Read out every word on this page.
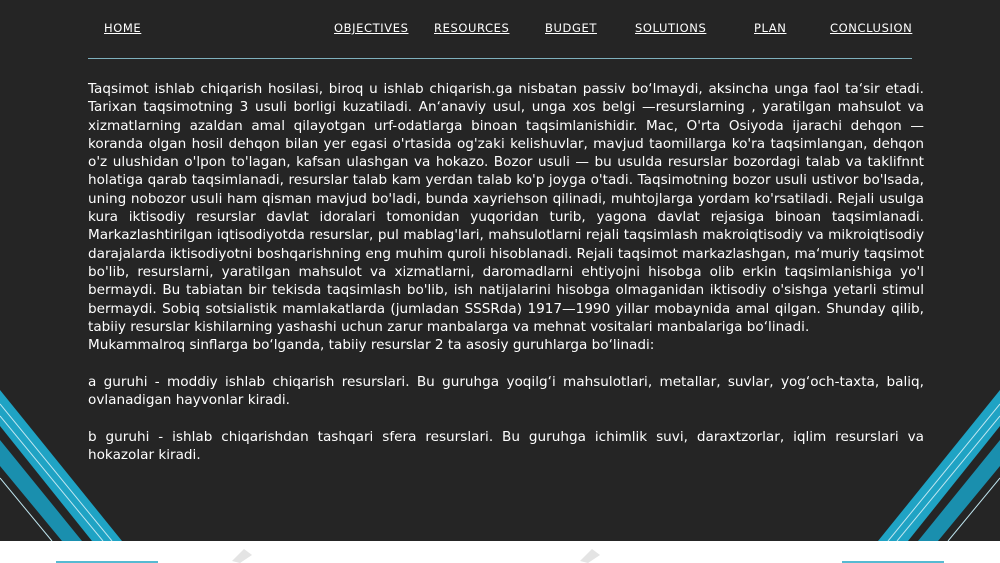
HOME	OBJECTIVES RESOURCES	BUDGET	SOLUTIONS	PLAN	CONCLUSION

Taqsimot ishlab chiqarish hosilasi, biroq u ishlab chiqarish.ga nisbatan passiv bo‘lmaydi, aksincha unga faol ta‘sir etadi. Tarixan taqsimotning 3 usuli borligi kuzatiladi. An‘anaviy usul, unga xos belgi —resurslarning , yaratilgan mahsulot va xizmatlarning azaldan amal qilayotgan urf-odatlarga binoan taqsimlanishidir. Mac, O'rta Osiyoda ijarachi dehqon — koranda olgan hosil dehqon bilan yer egasi o'rtasida og'zaki kelishuvlar, mavjud taomillarga ko'ra taqsimlangan, dehqon o'z ulushidan o'lpon to'lagan, kafsan ulashgan va hokazo. Bozor usuli — bu usulda resurslar bozordagi talab va taklifnnt holatiga qarab taqsimlanadi, resurslar talab kam yerdan talab ko'p joyga o'tadi. Taqsimotning bozor usuli ustivor bo'lsada, uning nobozor usuli ham qisman mavjud bo'ladi, bunda xayriehson qilinadi, muhtojlarga yordam ko'rsatiladi. Rejali usulga kura iktisodiy resurslar davlat idoralari tomonidan yuqoridan turib, yagona davlat rejasiga binoan taqsimlanadi. Markazlashtirilgan iqtisodiyotda resurslar, pul mablag'lari, mahsulotlarni rejali taqsimlash makroiqtisodiy va mikroiqtisodiy darajalarda iktisodiyotni boshqarishning eng muhim quroli hisoblanadi. Rejali taqsimot markazlashgan, ma‘muriy taqsimot bo'lib, resurslarni, yaratilgan mahsulot va xizmatlarni, daromadlarni ehtiyojni hisobga olib erkin taqsimlanishiga yo'l bermaydi. Bu tabiatan bir tekisda taqsimlash bo'lib, ish natijalarini hisobga olmaganidan iktisodiy o'sishga yetarli stimul bermaydi. Sobiq sotsialistik mamlakatlarda (jumladan SSSRda) 1917—1990 yillar mobaynida amal qilgan. Shunday qilib, tabiiy resurslar kishilarning yashashi uchun zarur manbalarga va mehnat vositalari manbalariga bo‘linadi.

Mukammalroq sinflarga bo‘lganda, tabiiy resurslar 2 ta asosiy guruhlarga bo‘linadi:

a guruhi - moddiy ishlab chiqarish resurslari. Bu guruhga yoqilg‘i mahsulotlari, metallar, suvlar, yog‘och-taxta, baliq, ovlanadigan hayvonlar kiradi.

b guruhi - ishlab chiqarishdan tashqari sfera resurslari. Bu guruhga ichimlik suvi, daraxtzorlar, iqlim resurslari va hokazolar kiradi.
